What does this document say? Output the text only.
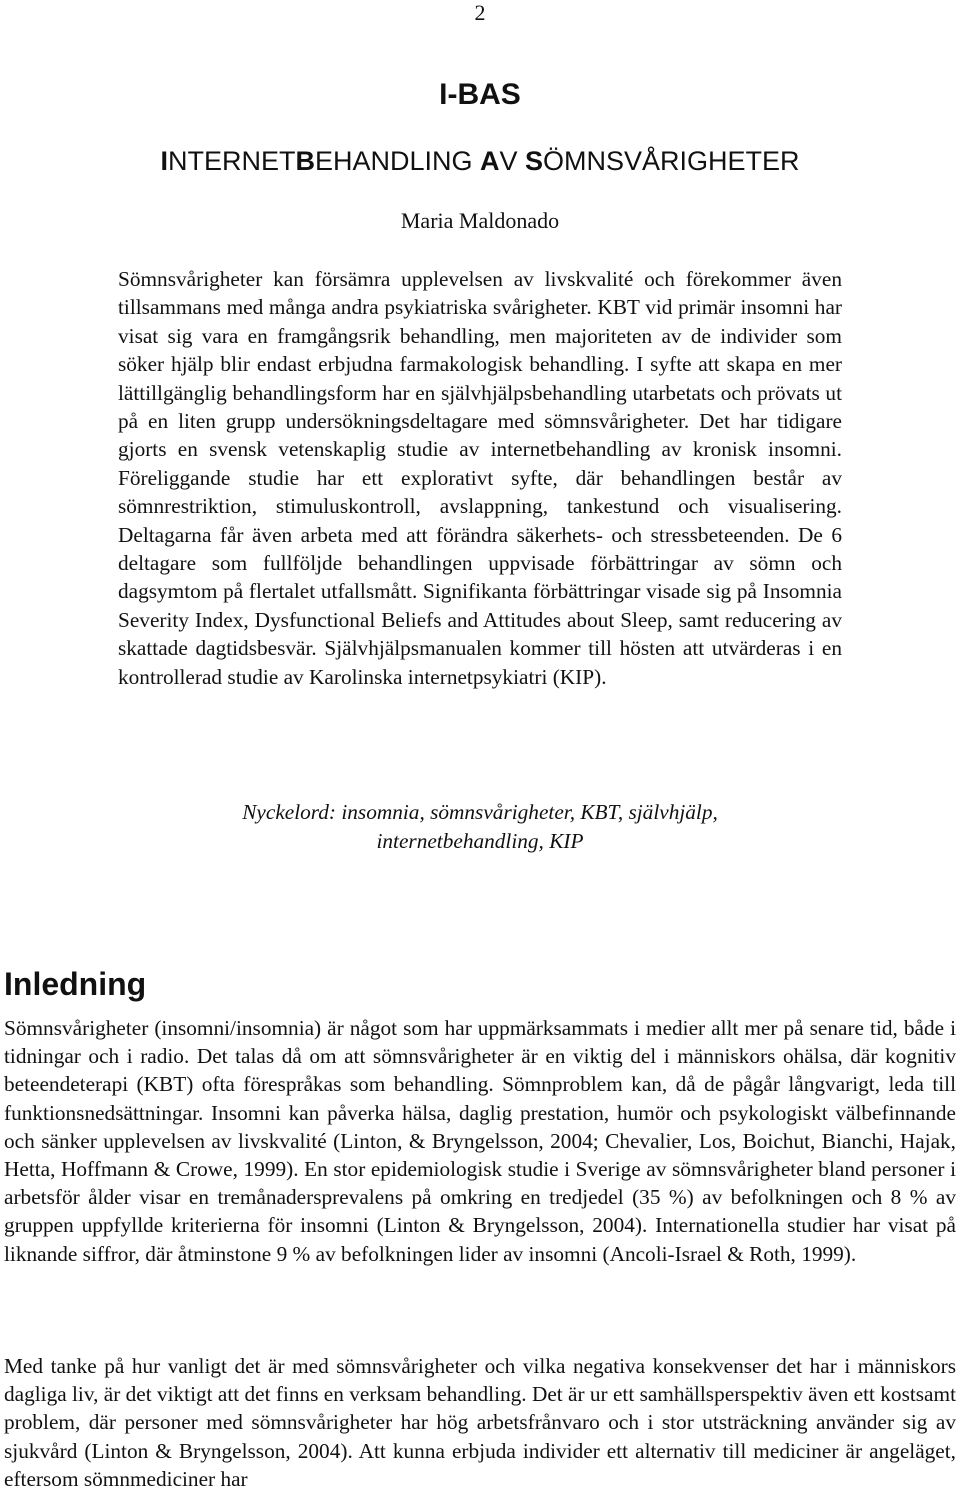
2
I-BAS
INTERNETBEHANDLING AV SÖMNSVÅRIGHETER
Maria Maldonado

Sömnsvårigheter kan försämra upplevelsen av livskvalité och förekommer även tillsammans med många andra psykiatriska svårigheter. KBT vid primär insomni har visat sig vara en framgångsrik behandling, men majoriteten av de individer som söker hjälp blir endast erbjudna farmakologisk behandling. I syfte att skapa en mer lättillgänglig behandlingsform har en självhjälpsbehandling utarbetats och prövats ut på en liten grupp undersökningsdeltagare med sömnsvårigheter. Det har tidigare gjorts en svensk vetenskaplig studie av internetbehandling av kronisk insomni. Föreliggande studie har ett explorativt syfte, där behandlingen består av sömnrestriktion, stimuluskontroll, avslappning, tankestund och visualisering. Deltagarna får även arbeta med att förändra säkerhets- och stressbeteenden. De 6 deltagare som fullföljde behandlingen uppvisade förbättringar av sömn och dagsymtom på flertalet utfallsmått. Signifikanta förbättringar visade sig på Insomnia Severity Index, Dysfunctional Beliefs and Attitudes about Sleep, samt reducering av skattade dagtidsbesvär. Självhjälpsmanualen kommer till hösten att utvärderas i en kontrollerad studie av Karolinska internetpsykiatri (KIP).

Nyckelord: insomnia, sömnsvårigheter, KBT, självhjälp, internetbehandling, KIP

Inledning

Sömnsvårigheter (insomni/insomnia) är något som har uppmärksammats i medier allt mer på senare tid, både i tidningar och i radio. Det talas då om att sömnsvårigheter är en viktig del i människors ohälsa, där kognitiv beteendeterapi (KBT) ofta förespråkas som behandling. Sömnproblem kan, då de pågår långvarigt, leda till funktionsnedsättningar. Insomni kan påverka hälsa, daglig prestation, humör och psykologiskt välbefinnande och sänker upplevelsen av livskvalité (Linton, & Bryngelsson, 2004; Chevalier, Los, Boichut, Bianchi, Hajak, Hetta, Hoffmann & Crowe, 1999). En stor epidemiologisk studie i Sverige av sömnsvårigheter bland personer i arbetsför ålder visar en tremånadersprevalens på omkring en tredjedel (35 %) av befolkningen och 8 % av gruppen uppfyllde kriterierna för insomni (Linton & Bryngelsson, 2004). Internationella studier har visat på liknande siffror, där åtminstone 9 % av befolkningen lider av insomni (Ancoli-Israel & Roth, 1999).

Med tanke på hur vanligt det är med sömnsvårigheter och vilka negativa konsekvenser det har i människors dagliga liv, är det viktigt att det finns en verksam behandling. Det är ur ett samhällsperspektiv även ett kostsamt problem, där personer med sömnsvårigheter har hög arbetsfrånvaro och i stor utsträckning använder sig av sjukvård (Linton & Bryngelsson, 2004). Att kunna erbjuda individer ett alternativ till mediciner är angeläget, eftersom sömnmediciner har
